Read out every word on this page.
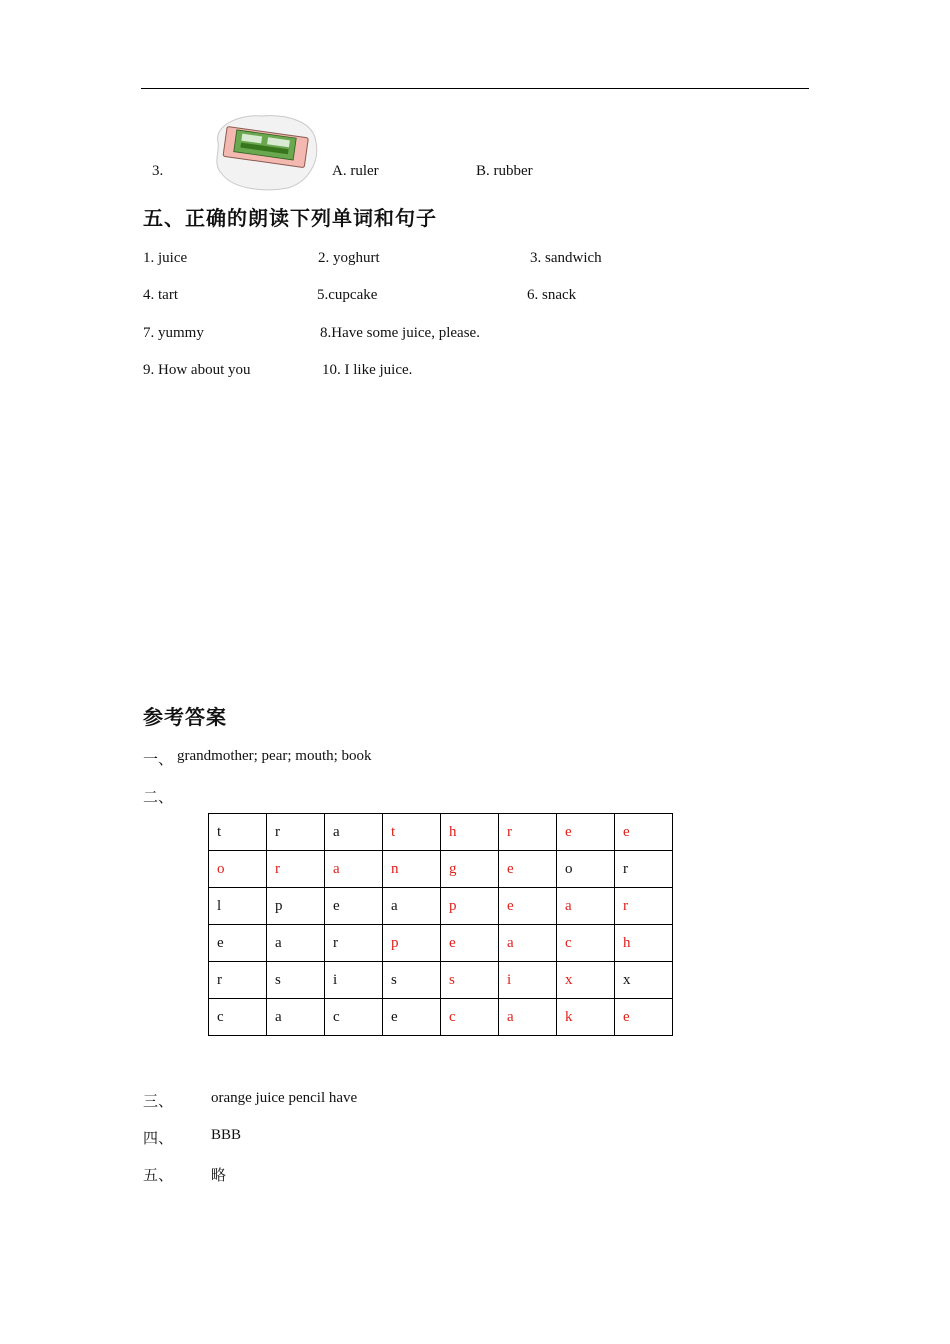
3.	A. ruler	B. rubber
五、正确的朗读下列单词和句子
1. juice	2. yoghurt	3. sandwich
4. tart	5.cupcake	6. snack
7. yummy	8.Have some juice, please.
9. How about you	10. I like juice.
参考答案
一、 grandmother; pear; mouth; book
二、
t	r	a	t	h	r	e	e
o	r	a	n	g	e	o	r
l	p	e	a	p	e	a	r
e	a	r	p	e	a	c	h
r	s	i	s	s	i	x	x
c	a	c	e	c	a	k	e
三、	orange juice pencil have
四、	BBB
五、	略
